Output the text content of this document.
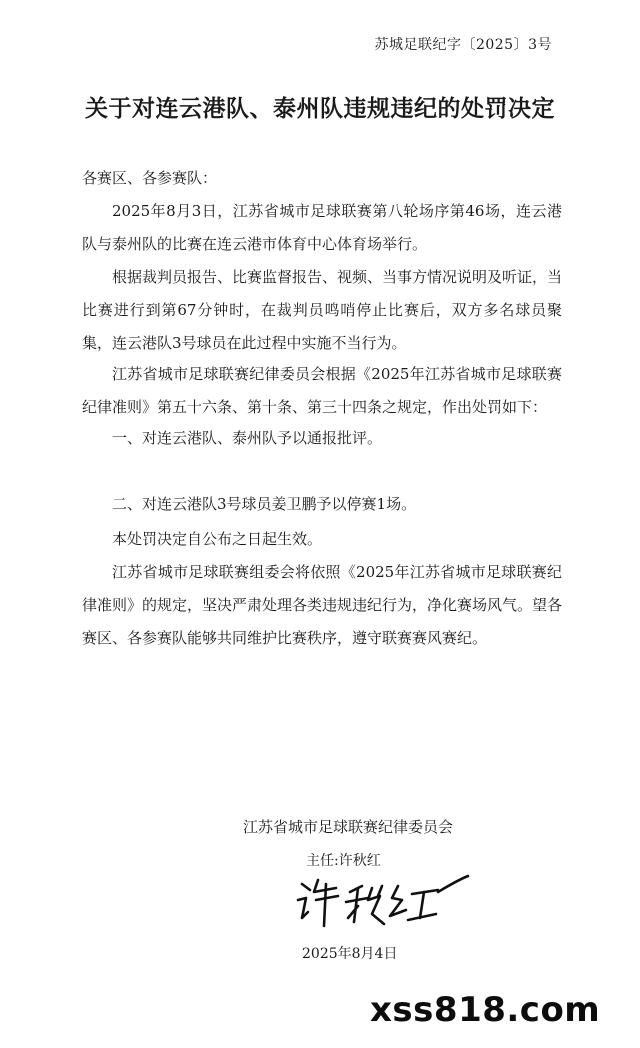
苏城足联纪字〔2025〕3号
关于对连云港队、泰州队违规违纪的处罚决定

各赛区、各参赛队：

2025年8月3日，江苏省城市足球联赛第八轮场序第46场，连云港队与泰州队的比赛在连云港市体育中心体育场举行。

根据裁判员报告、比赛监督报告、视频、当事方情况说明及听证，当比赛进行到第67分钟时，在裁判员鸣哨停止比赛后，双方多名球员聚集，连云港队3号球员在此过程中实施不当行为。

江苏省城市足球联赛纪律委员会根据《2025年江苏省城市足球联赛纪律准则》第五十六条、第十条、第三十四条之规定，作出处罚如下：

一、对连云港队、泰州队予以通报批评。

二、对连云港队3号球员姜卫鹏予以停赛1场。

本处罚决定自公布之日起生效。

江苏省城市足球联赛组委会将依照《2025年江苏省城市足球联赛纪律准则》的规定，坚决严肃处理各类违规违纪行为，净化赛场风气。望各赛区、各参赛队能够共同维护比赛秩序，遵守联赛赛风赛纪。

江苏省城市足球联赛纪律委员会
主任:许秋红
2025年8月4日
xss818.com
